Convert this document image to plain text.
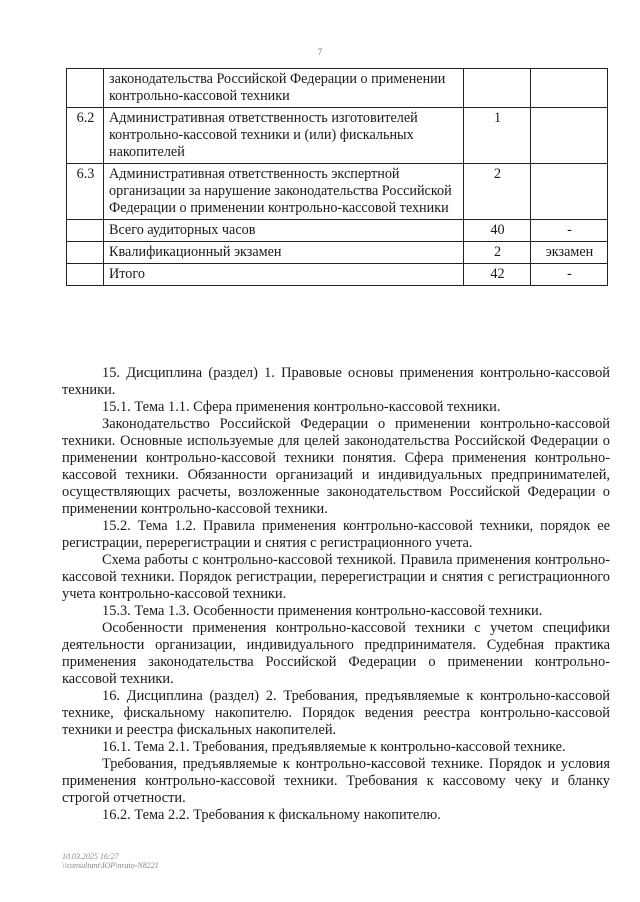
7
	законодательства Российской Федерации о применении контрольно-кассовой техники		
6.2	Административная ответственность изготовителей контрольно-кассовой техники и (или) фискальных накопителей	1	
6.3	Административная ответственность экспертной организации за нарушение законодательства Российской Федерации о применении контрольно-кассовой техники	2	
	Всего аудиторных часов	40	-
	Квалификационный экзамен	2	экзамен
	Итого	42	-

15. Дисциплина (раздел) 1. Правовые основы применения контрольно-кассовой техники.

15.1. Тема 1.1. Сфера применения контрольно-кассовой техники.

Законодательство Российской Федерации о применении контрольно-кассовой техники. Основные используемые для целей законодательства Российской Федерации о применении контрольно-кассовой техники понятия. Сфера применения контрольно-кассовой техники. Обязанности организаций и индивидуальных предпринимателей, осуществляющих расчеты, возложенные законодательством Российской Федерации о применении контрольно-кассовой техники.

15.2. Тема 1.2. Правила применения контрольно-кассовой техники, порядок ее регистрации, перерегистрации и снятия с регистрационного учета.

Схема работы с контрольно-кассовой техникой. Правила применения контрольно-кассовой техники. Порядок регистрации, перерегистрации и снятия с регистрационного учета контрольно-кассовой техники.

15.3. Тема 1.3. Особенности применения контрольно-кассовой техники.

Особенности применения контрольно-кассовой техники с учетом специфики деятельности организации, индивидуального предпринимателя. Судебная практика применения законодательства Российской Федерации о применении контрольно-кассовой техники.

16. Дисциплина (раздел) 2. Требования, предъявляемые к контрольно-кассовой технике, фискальному накопителю. Порядок ведения реестра контрольно-кассовой техники и реестра фискальных накопителей.

16.1. Тема 2.1. Требования, предъявляемые к контрольно-кассовой технике.

Требования, предъявляемые к контрольно-кассовой технике. Порядок и условия применения контрольно-кассовой техники. Требования к кассовому чеку и бланку строгой отчетности.

16.2. Тема 2.2. Требования к фискальному накопителю.

10.03.2025 16:27
\\consultant\ЮР\nrato-N8221
